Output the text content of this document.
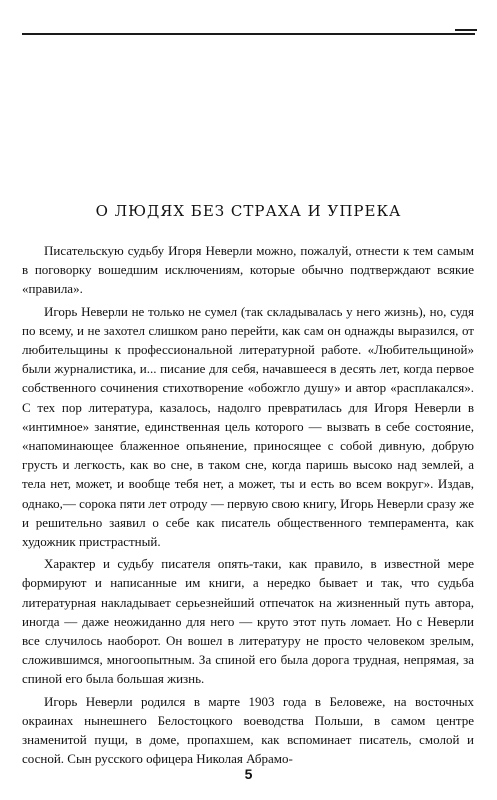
О ЛЮДЯХ БЕЗ СТРАХА И УПРЕКА

Писательскую судьбу Игоря Неверли можно, пожалуй, отнести к тем самым в поговорку вошедшим исключениям, которые обычно подтверждают всякие «правила».

Игорь Неверли не только не сумел (так складывалась у него жизнь), но, судя по всему, и не захотел слишком рано перейти, как сам он однажды выразился, от любительщины к профессиональной литературной работе. «Любительщиной» были журналистика, и... писание для себя, начавшееся в десять лет, когда первое собственного сочинения стихотворение «обожгло душу» и автор «расплакался». С тех пор литература, казалось, надолго превратилась для Игоря Неверли в «интимное» занятие, единственная цель которого — вызвать в себе состояние, «напоминающее блаженное опьянение, приносящее с собой дивную, добрую грусть и легкость, как во сне, в таком сне, когда паришь высоко над землей, а тела нет, может, и вообще тебя нет, а может, ты и есть во всем вокруг». Издав, однако,— сорока пяти лет отроду — первую свою книгу, Игорь Неверли сразу же и решительно заявил о себе как писатель общественного темперамента, как художник пристрастный.

Характер и судьбу писателя опять-таки, как правило, в известной мере формируют и написанные им книги, а нередко бывает и так, что судьба литературная накладывает серьезнейший отпечаток на жизненный путь автора, иногда — даже неожиданно для него — круто этот путь ломает. Но с Неверли все случилось наоборот. Он вошел в литературу не просто человеком зрелым, сложившимся, многоопытным. За спиной его была дорога трудная, непрямая, за спиной его была большая жизнь.

Игорь Неверли родился в марте 1903 года в Беловеже, на восточных окраинах нынешнего Белостоцкого воеводства Польши, в самом центре знаменитой пущи, в доме, пропахшем, как вспоминает писатель, смолой и сосной. Сын русского офицера Николая Абрамо-

5
